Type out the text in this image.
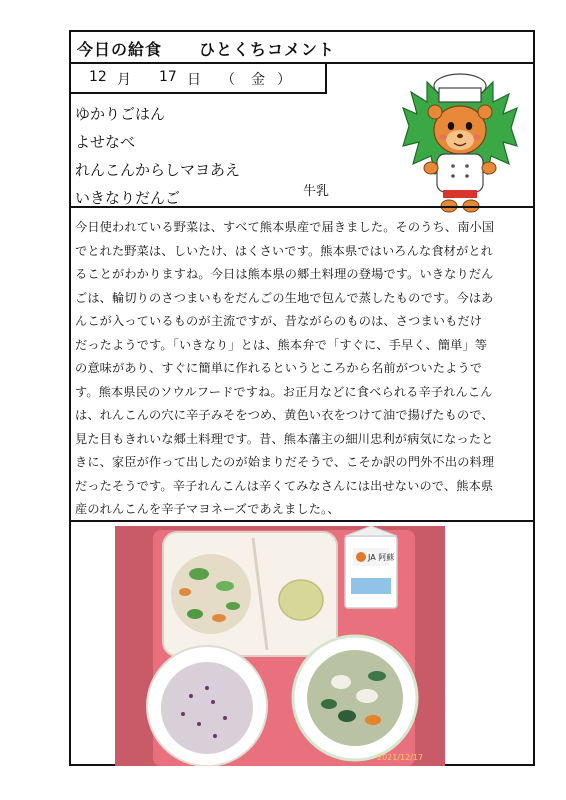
今日の給食 ひとくちコメント
12 月 17 日 （ 金 ）
ゆかりごはん
よせなべ
れんこんからしマヨあえ
いきなりだんご	牛乳

今日使われている野菜は、すべて熊本県産で届きました。そのうち、南小国

でとれた野菜は、しいたけ、はくさいです。熊本県ではいろんな食材がとれ

ることがわかりますね。今日は熊本県の郷土料理の登場です。いきなりだん

ごは、輪切りのさつまいもをだんごの生地で包んで蒸したものです。今はあ

んこが入っているものが主流ですが、昔ながらのものは、さつまいもだけ

だったようです。「いきなり」とは、熊本弁で「すぐに、手早く、簡単」等

の意味があり、すぐに簡単に作れるというところから名前がついたようで

す。熊本県民のソウルフードですね。お正月などに食べられる辛子れんこん

は、れんこんの穴に辛子みそをつめ、黄色い衣をつけて油で揚げたもので、

見た目もきれいな郷土料理です。昔、熊本藩主の細川忠利が病気になったと

きに、家臣が作って出したのが始まりだそうで、こそか訳の門外不出の料理

だったそうです。辛子れんこんは辛くてみなさんには出せないので、熊本県

産のれんこんを辛子マヨネーズであえました。、

JA 阿蘇
2021/12/17
